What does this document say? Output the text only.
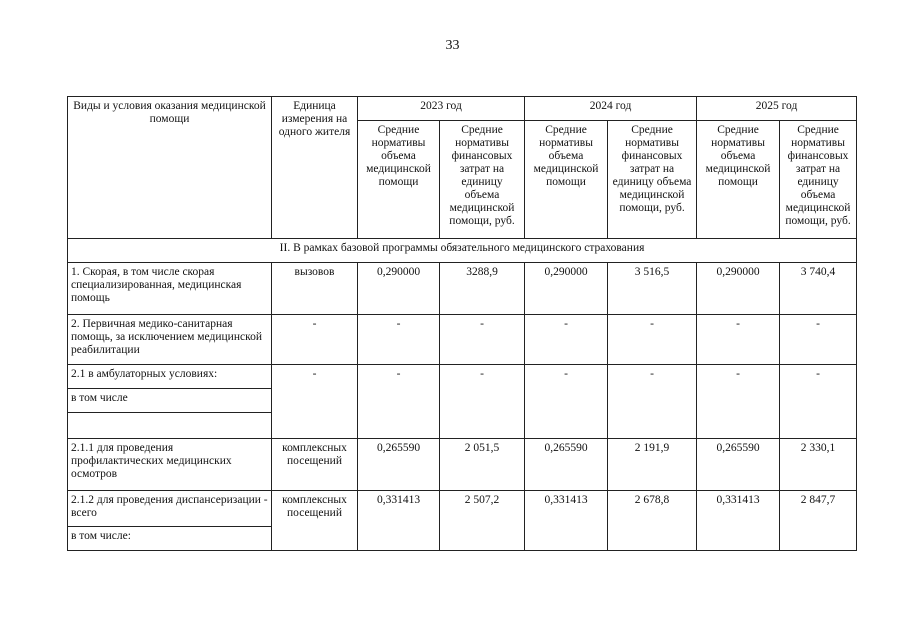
33
Виды и условия оказания медицинской помощи	Единица измерения на одного жителя	2023 год		2024 год		2025 год	
		Средние нормативы объема медицинской помощи	Средние нормативы финансовых затрат на единицу объема медицинской помощи, руб.	Средние нормативы объема медицинской помощи	Средние нормативы финансовых затрат на единицу объема медицинской помощи, руб.	Средние нормативы объема медицинской помощи	Средние нормативы финансовых затрат на единицу объема медицинской помощи, руб.
II. В рамках базовой программы обязательного медицинского страхования							
1. Скорая, в том числе скорая специализированная, медицинская помощь	вызовов	0,290000	3288,9	0,290000	3 516,5	0,290000	3 740,4
2. Первичная медико-санитарная помощь, за исключением медицинской реабилитации	-	-	-	-	-	-	-
2.1 в амбулаторных условиях:	-	-	-	-	-	-	-
в том числе							

2.1.1 для проведения профилактических медицинских осмотров	комплексных посещений	0,265590	2 051,5	0,265590	2 191,9	0,265590	2 330,1
2.1.2 для проведения диспансеризации - всего	комплексных посещений	0,331413	2 507,2	0,331413	2 678,8	0,331413	2 847,7
в том числе:							
